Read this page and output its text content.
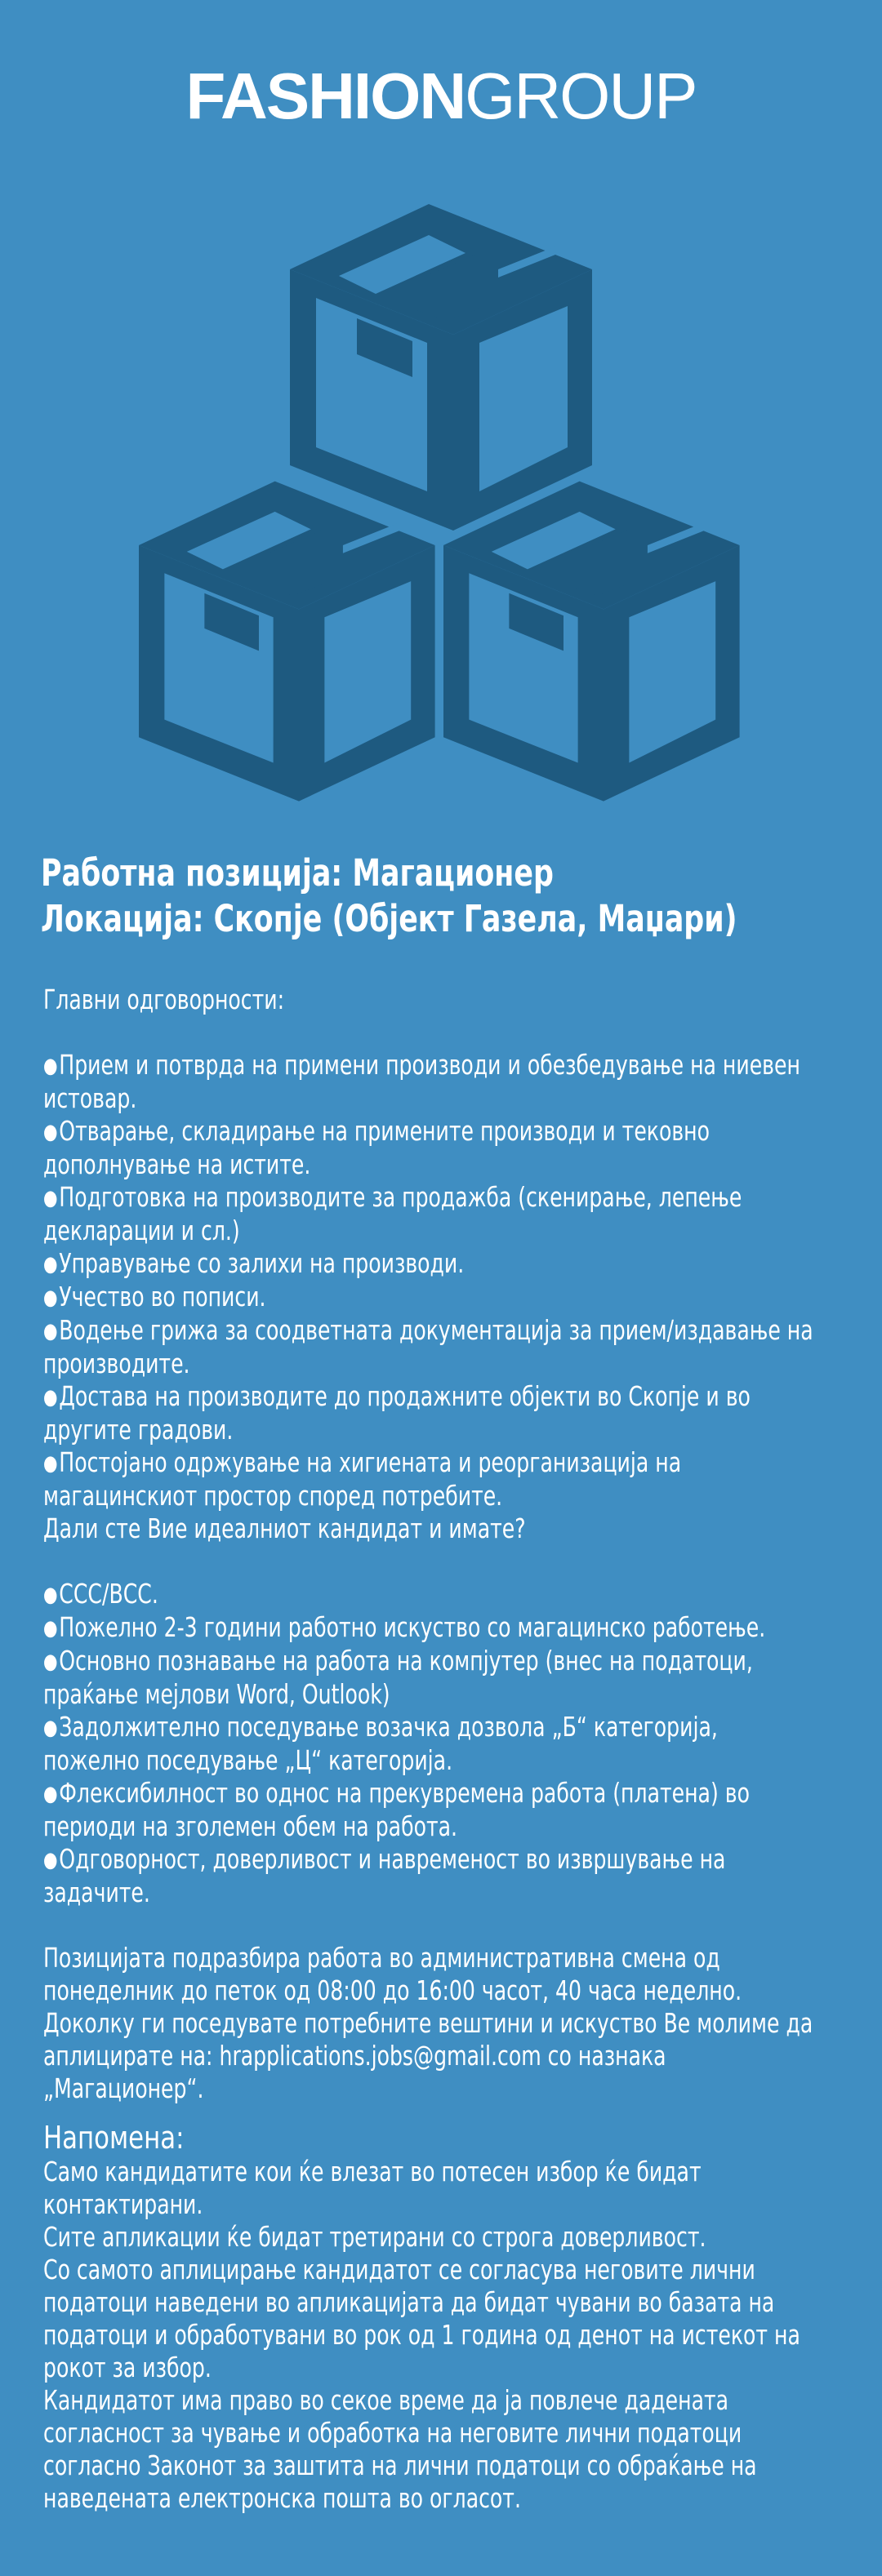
FASHIONGROUP
Работна позиција: Магационер
Локација: Скопје (Објект Газела, Маџари)
Главни одговорности:
●Прием и потврда на примени производи и обезбедување на ниевен
истовар.
●Отварање, складирање на примените производи и тековно
дополнување на истите.
●Подготовка на производите за продажба (скенирање, лепење
декларации и сл.)
●Управување со залихи на производи.
●Учество во пописи.
●Водење грижа за соодветната документација за прием/издавање на
производите.
●Достава на производите до продажните објекти во Скопје и во
другите градови.
●Постојано одржување на хигиената и реорганизација на
магацинскиот простор според потребите.
Дали сте Вие идеалниот кандидат и имате?
●ССС/ВСС.
●Пожелно 2-3 години работно искуство со магацинско работење.
●Основно познавање на работа на компјутер (внес на податоци,
праќање мејлови Word, Outlook)
●Задолжително поседување возачка дозвола „Б“ категорија,
пожелно поседување „Ц“ категорија.
●Флексибилност во однос на прекувремена работа (платена) во
периоди на зголемен обем на работа.
●Одговорност, доверливост и навременост во извршување на
задачите.
Позицијата подразбира работа во административна смена од
понеделник до петок од 08:00 до 16:00 часот, 40 часа неделно.
Доколку ги поседувате потребните вештини и искуство Ве молиме да
аплицирате на: hrapplications.jobs@gmail.com со назнака
„Магационер“.
Напомена:
Само кандидатите кои ќе влезат во потесен избор ќе бидат
контактирани.
Сите апликации ќе бидат третирани со строга доверливост.
Со самото аплицирање кандидатот се согласува неговите лични
податоци наведени во апликацијата да бидат чувани во базата на
податоци и обработувани во рок од 1 година од денот на истекот на
рокот за избор.
Кандидатот има право во секое време да ја повлече дадената
согласност за чување и обработка на неговите лични податоци
согласно Законот за заштита на лични податоци со обраќање на
наведената електронска пошта во огласот.
